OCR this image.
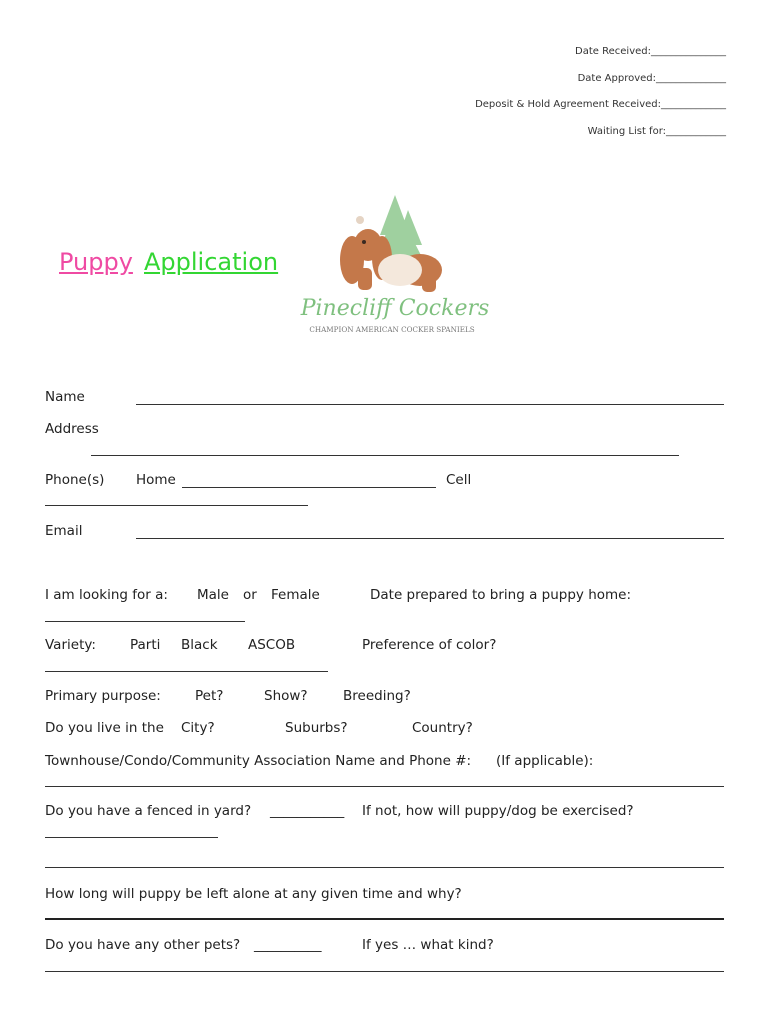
Date Received:_______________
Date Approved:______________
Deposit & Hold Agreement Received:_____________
Waiting List for:____________
Puppy Application
Pinecliff Cockers
CHAMPION AMERICAN COCKER SPANIELS
Name
Address
Phone(s) Home	Cell
Email
I am looking for a: Male or Female	Date prepared to bring a puppy home:
Variety:	Parti Black ASCOB	Preference of color?
Primary purpose:	Pet?	Show?	Breeding?
Do you live in the City?	Suburbs?	Country?
Townhouse/Condo/Community Association Name and Phone #: (If applicable):
Do you have a fenced in yard? ___________ If not, how will puppy/dog be exercised?
How long will puppy be left alone at any given time and why?
Do you have any other pets? __________	If yes … what kind?
